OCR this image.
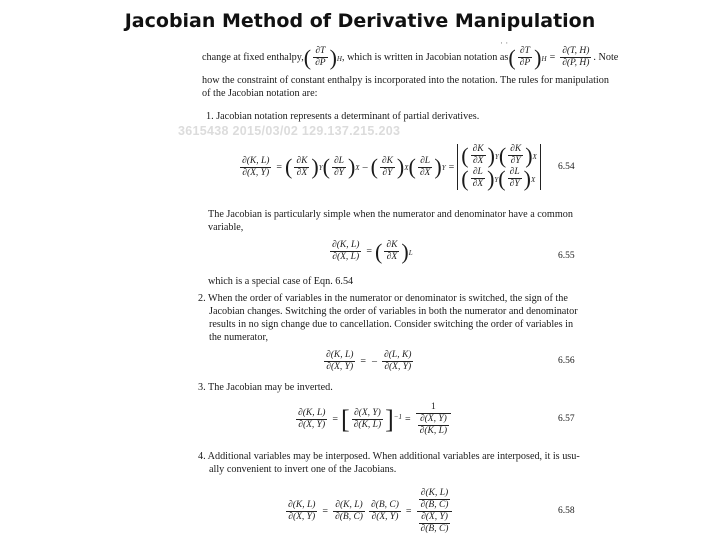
Jacobian Method of Derivative Manipulation
· ·
change at fixed enthalpy, ( $\frac{\partial T}{\partial P}$ ) H , which is written in Jacobian notation as ( $\frac{\partial T}{\partial P}$ ) $H = \frac{\partial(T, H)}{\partial(P, H)}$ . Note
how the constraint of constant enthalpy is incorporated into the notation. The rules for manipulation
of the Jacobian notation are:
1. Jacobian notation represents a determinant of partial derivatives.
3615438 2015/03/02 129.137.215.203
$\frac{\partial(K, L)}{\partial(X, Y)}$ = ( $\frac{\partial K}{\partial X}$ ) Y ( $\frac{\partial L}{\partial Y}$ ) X – ( $\frac{\partial K}{\partial Y}$ ) X ( $\frac{\partial L}{\partial X}$ ) Y = ( $\frac{\partial K}{\partial X}$ ) Y ( $\frac{\partial K}{\partial Y}$ ) X
( $\frac{\partial L}{\partial X}$ ) Y ( $\frac{\partial L}{\partial Y}$ ) X
6.54
The Jacobian is particularly simple when the numerator and denominator have a common
variable,
$\frac{\partial(K, L)}{\partial(X, L)}$ = ( $\frac{\partial K}{\partial X}$ ) L	6.55
which is a special case of Eqn. 6.54
2. When the order of variables in the numerator or denominator is switched, the sign of the
Jacobian changes. Switching the order of variables in both the numerator and denominator
results in no sign change due to cancellation. Consider switching the order of variables in
the numerator,
$\frac{\partial(K, L)}{\partial(X, Y)}$ = – $\frac{\partial(L, K)}{\partial(X, Y)}$	6.56
3. The Jacobian may be inverted.
$\frac{\partial(K, L)}{\partial(X, Y)}$ = [ $\frac{\partial(X, Y)}{\partial(K, L)}$ ] $-1 = \frac{1}{\frac{\partial(X, Y)}{\partial(K, L)}}$	6.57
4. Additional variables may be interposed. When additional variables are interposed, it is usu-
ally convenient to invert one of the Jacobians.
$\frac{\partial(K, L)}{\partial(X, Y)} = \frac{\partial(K, L)}{\partial(B, C)} \frac{\partial(B, C)}{\partial(X, Y)} = \frac{\frac{\partial(K, L)}{\partial(B, C)}}{\frac{\partial(X, Y)}{\partial(B, C)}}$	6.58
